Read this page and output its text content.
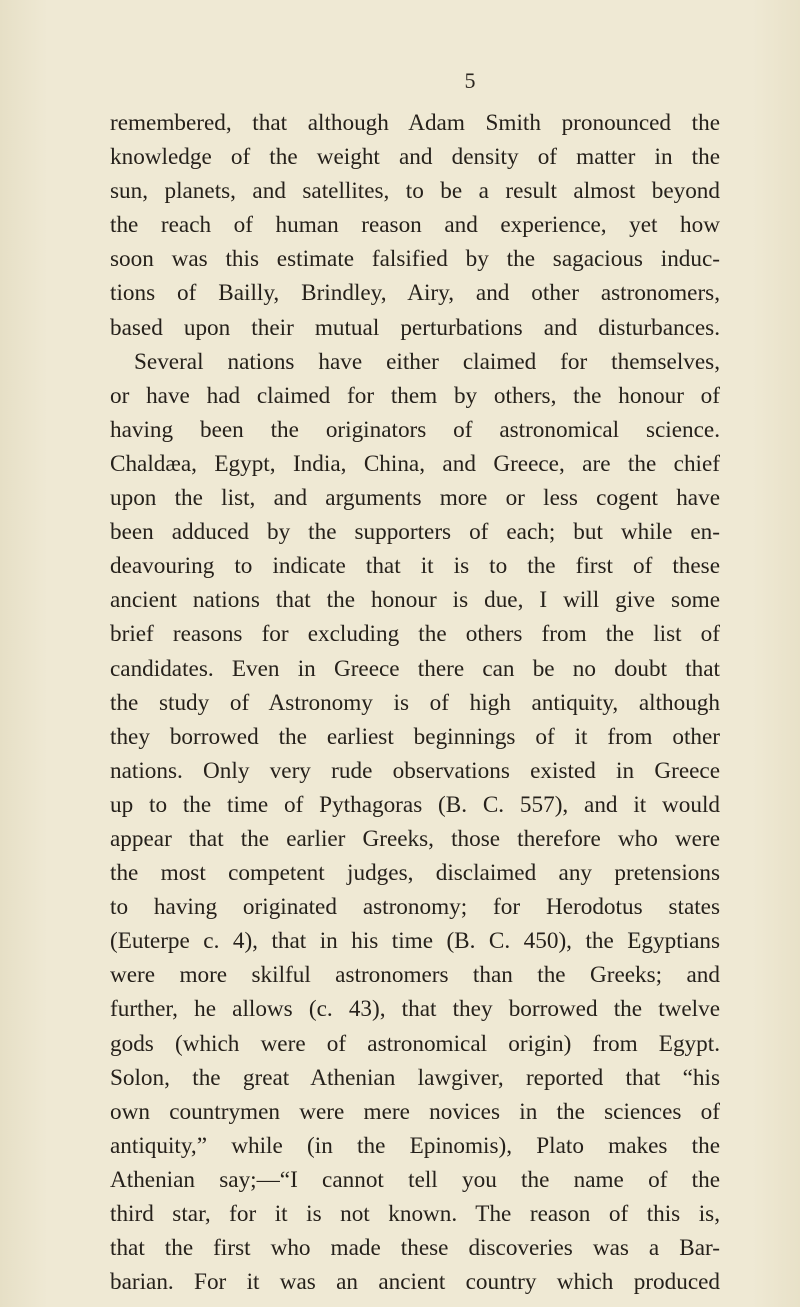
5
remembered, that although Adam Smith pronounced the
knowledge of the weight and density of matter in the
sun, planets, and satellites, to be a result almost beyond
the reach of human reason and experience, yet how
soon was this estimate falsified by the sagacious induc-
tions of Bailly, Brindley, Airy, and other astronomers,
based upon their mutual perturbations and disturbances.
Several nations have either claimed for themselves,
or have had claimed for them by others, the honour of
having been the originators of astronomical science.
Chaldæa, Egypt, India, China, and Greece, are the chief
upon the list, and arguments more or less cogent have
been adduced by the supporters of each; but while en-
deavouring to indicate that it is to the first of these
ancient nations that the honour is due, I will give some
brief reasons for excluding the others from the list of
candidates. Even in Greece there can be no doubt that
the study of Astronomy is of high antiquity, although
they borrowed the earliest beginnings of it from other
nations. Only very rude observations existed in Greece
up to the time of Pythagoras (B. C. 557), and it would
appear that the earlier Greeks, those therefore who were
the most competent judges, disclaimed any pretensions
to having originated astronomy; for Herodotus states
(Euterpe c. 4), that in his time (B. C. 450), the Egyptians
were more skilful astronomers than the Greeks; and
further, he allows (c. 43), that they borrowed the twelve
gods (which were of astronomical origin) from Egypt.
Solon, the great Athenian lawgiver, reported that “his
own countrymen were mere novices in the sciences of
antiquity,” while (in the Epinomis), Plato makes the
Athenian say;—“I cannot tell you the name of the
third star, for it is not known. The reason of this is,
that the first who made these discoveries was a Bar-
barian. For it was an ancient country which produced
